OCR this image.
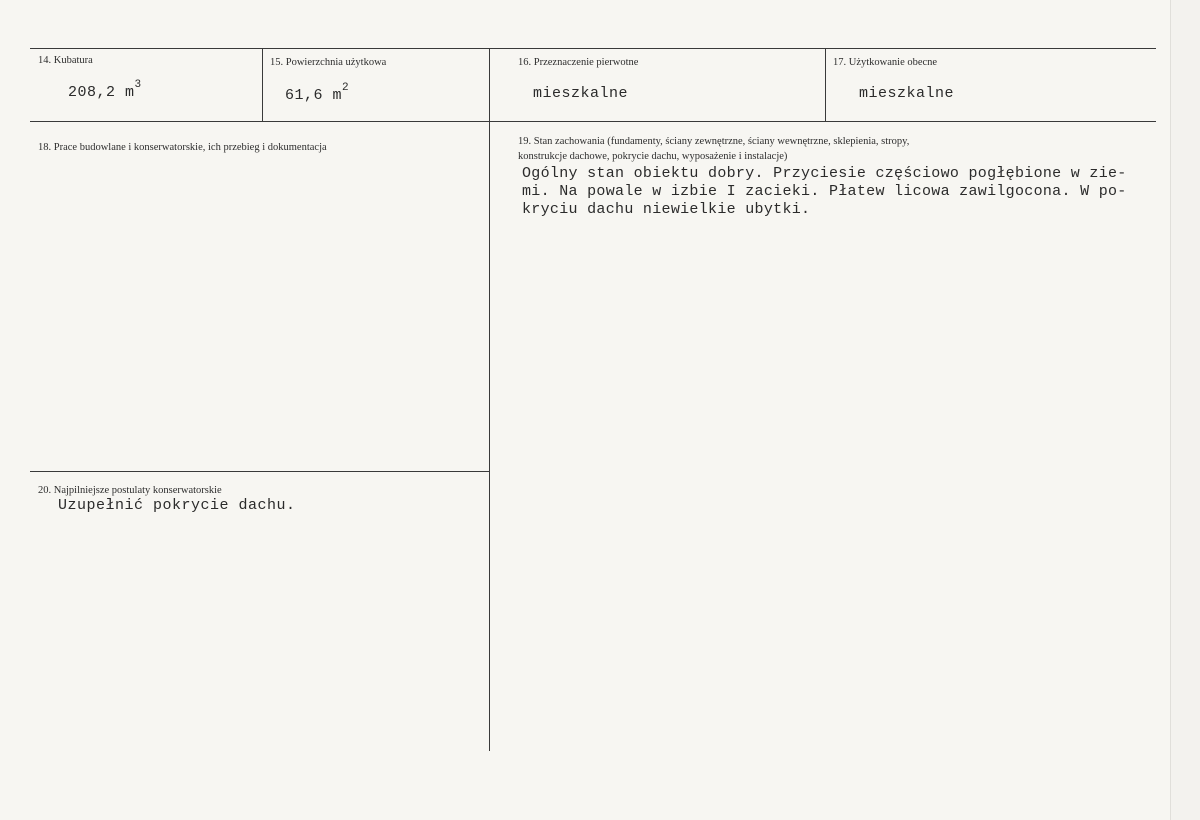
14. Kubatura
208,2 $m^3$
15. Powierzchnia użytkowa
61,6 $m^2$
16. Przeznaczenie pierwotne
mieszkalne
17. Użytkowanie obecne
mieszkalne
18. Prace budowlane i konserwatorskie, ich przebieg i dokumentacja
19. Stan zachowania (fundamenty, ściany zewnętrzne, ściany wewnętrzne, sklepienia, stropy,
konstrukcje dachowe, pokrycie dachu, wyposażenie i instalacje)
Ogólny stan obiektu dobry. Przyciesie częściowo pogłębione w zie-
mi. Na powale w izbie I zacieki. Płatew licowa zawilgocona. W po-
kryciu dachu niewielkie ubytki.
20. Najpilniejsze postulaty konserwatorskie
Uzupełnić pokrycie dachu.
